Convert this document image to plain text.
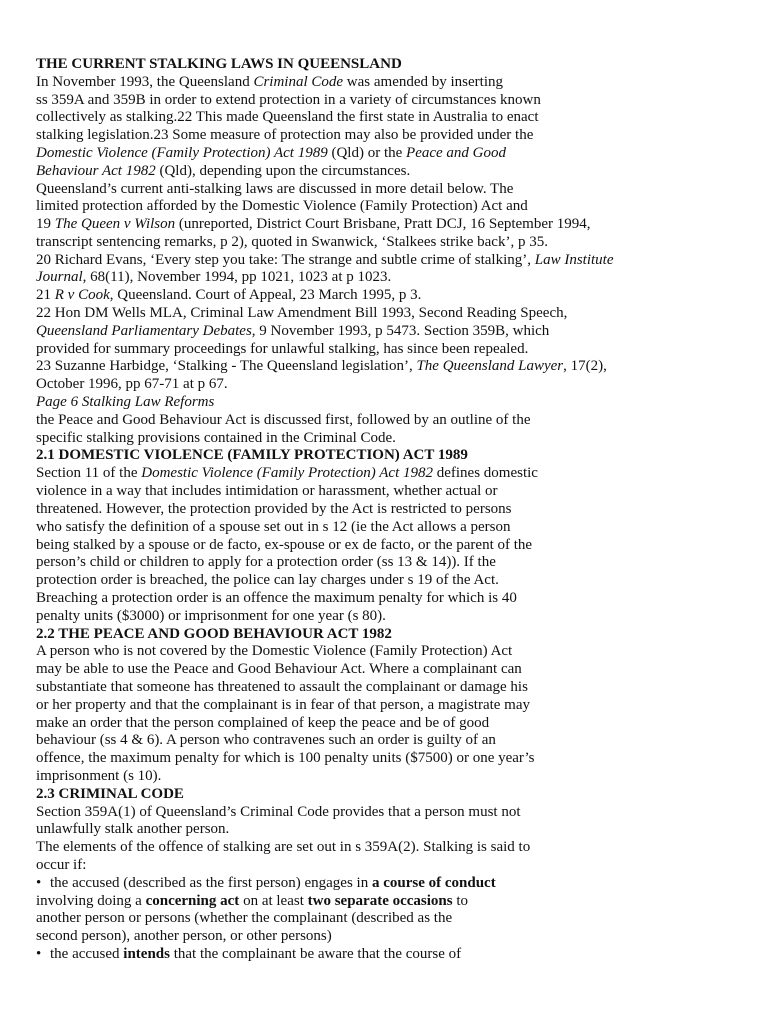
THE CURRENT STALKING LAWS IN QUEENSLAND
In November 1993, the Queensland Criminal Code was amended by inserting
ss 359A and 359B in order to extend protection in a variety of circumstances known
collectively as stalking.22 This made Queensland the first state in Australia to enact
stalking legislation.23 Some measure of protection may also be provided under the
Domestic Violence (Family Protection) Act 1989 (Qld) or the Peace and Good
Behaviour Act 1982 (Qld), depending upon the circumstances.
Queensland’s current anti-stalking laws are discussed in more detail below. The
limited protection afforded by the Domestic Violence (Family Protection) Act and
19 The Queen v Wilson (unreported, District Court Brisbane, Pratt DCJ, 16 September 1994,
transcript sentencing remarks, p 2), quoted in Swanwick, ‘Stalkees strike back’, p 35.
20 Richard Evans, ‘Every step you take: The strange and subtle crime of stalking’, Law Institute
Journal, 68(11), November 1994, pp 1021, 1023 at p 1023.
21 R v Cook, Queensland. Court of Appeal, 23 March 1995, p 3.
22 Hon DM Wells MLA, Criminal Law Amendment Bill 1993, Second Reading Speech,
Queensland Parliamentary Debates, 9 November 1993, p 5473. Section 359B, which
provided for summary proceedings for unlawful stalking, has since been repealed.
23 Suzanne Harbidge, ‘Stalking - The Queensland legislation’, The Queensland Lawyer, 17(2),
October 1996, pp 67-71 at p 67.
Page 6 Stalking Law Reforms
the Peace and Good Behaviour Act is discussed first, followed by an outline of the
specific stalking provisions contained in the Criminal Code.
2.1 DOMESTIC VIOLENCE (FAMILY PROTECTION) ACT 1989
Section 11 of the Domestic Violence (Family Protection) Act 1982 defines domestic
violence in a way that includes intimidation or harassment, whether actual or
threatened. However, the protection provided by the Act is restricted to persons
who satisfy the definition of a spouse set out in s 12 (ie the Act allows a person
being stalked by a spouse or de facto, ex-spouse or ex de facto, or the parent of the
person’s child or children to apply for a protection order (ss 13 & 14)). If the
protection order is breached, the police can lay charges under s 19 of the Act.
Breaching a protection order is an offence the maximum penalty for which is 40
penalty units ($3000) or imprisonment for one year (s 80).
2.2 THE PEACE AND GOOD BEHAVIOUR ACT 1982
A person who is not covered by the Domestic Violence (Family Protection) Act
may be able to use the Peace and Good Behaviour Act. Where a complainant can
substantiate that someone has threatened to assault the complainant or damage his
or her property and that the complainant is in fear of that person, a magistrate may
make an order that the person complained of keep the peace and be of good
behaviour (ss 4 & 6). A person who contravenes such an order is guilty of an
offence, the maximum penalty for which is 100 penalty units ($7500) or one year’s
imprisonment (s 10).
2.3 CRIMINAL CODE
Section 359A(1) of Queensland’s Criminal Code provides that a person must not
unlawfully stalk another person.
The elements of the offence of stalking are set out in s 359A(2). Stalking is said to
occur if:
• the accused (described as the first person) engages in a course of conduct
involving doing a concerning act on at least two separate occasions to
another person or persons (whether the complainant (described as the
second person), another person, or other persons)
• the accused intends that the complainant be aware that the course of
